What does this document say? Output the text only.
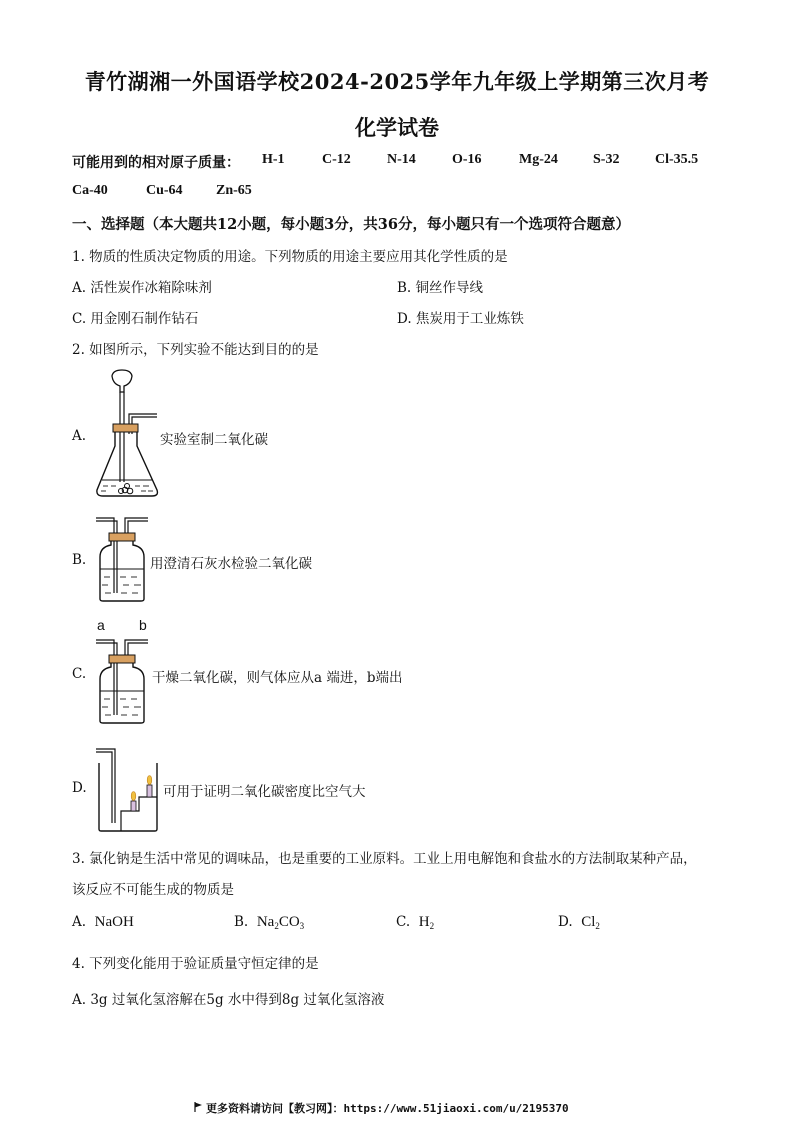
青竹湖湘一外国语学校2024-2025学年九年级上学期第三次月考
化学试卷
可能用到的相对原子质量： H-1	C-12	N-14	O-16	Mg-24	S-32	Cl-35.5
Ca-40	Cu-64 Zn-65
一、选择题（本大题共12小题，每小题3分，共36分，每小题只有一个选项符合题意）
1. 物质的性质决定物质的用途。下列物质的用途主要应用其化学性质的是
A. 活性炭作冰箱除味剂	B. 铜丝作导线
C. 用金刚石制作钻石	D. 焦炭用于工业炼铁
2. 如图所示，下列实验不能达到目的的是
A.	实验室制二氧化碳
B.	用澄清石灰水检验二氧化碳
C.
a b
干燥二氧化碳，则气体应从a 端进，b端出
D.	可用于证明二氧化碳密度比空气大
3. 氯化钠是生活中常见的调味品，也是重要的工业原料。工业上用电解饱和食盐水的方法制取某种产品，
该反应不可能生成的物质是
A. NaOH	B. $Na_2CO_3$	C. $H_2$	D. $Cl_2$
4. 下列变化能用于验证质量守恒定律的是
A. 3g 过氧化氢溶解在5g 水中得到8g 过氧化氢溶液
更多资料请访问【教习网】：https://www.51jiaoxi.com/u/2195370
